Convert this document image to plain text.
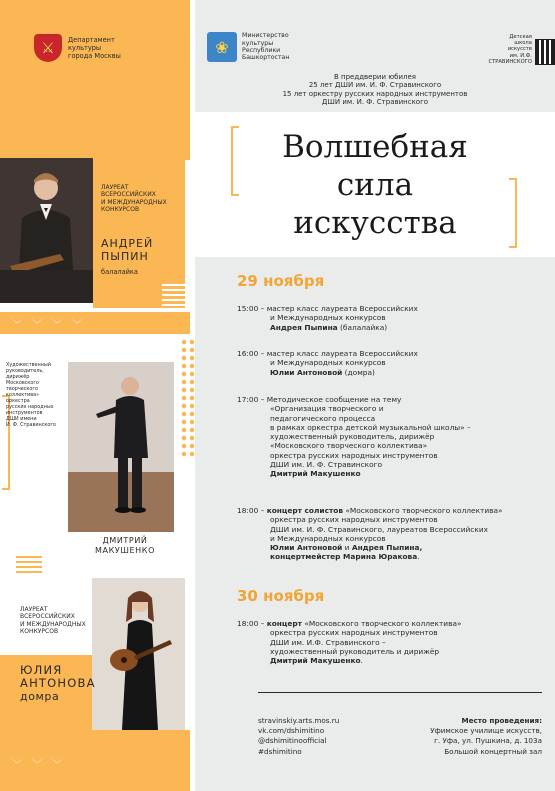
⚔	Департамент
культуры
города Москвы
ЛАУРЕАТ
ВСЕРОССИЙСКИХ
И МЕЖДУНАРОДНЫХ
КОНКУРСОВ
АНДРЕЙ
ПЫПИН
балалайка
﹀ ﹀ ﹀ ﹀
Художественный
руководитель,
дирижёр
Московского
творческого
коллектива»
оркестра
русских народных
инструментов
ДШИ имени
И. Ф. Стравинского
ДМИТРИЙ
МАКУШЕНКО
ЛАУРЕАТ
ВСЕРОССИЙСКИХ
И МЕЖДУНАРОДНЫХ
КОНКУРСОВ
ЮЛИЯ
АНТОНОВА
домра
﹀ ﹀ ﹀
❀
Министерство
культуры
Республики
Башкортостан
Детская
школа
искусств
им. И.Ф. СТРАВИНСКОГО
В преддверии юбилея
25 лет ДШИ им. И. Ф. Стравинского
15 лет оркестру русских народных инструментов
ДШИ им. И. Ф. Стравинского
Волшебная
сила
искусства
29 ноября
15:00 – мастер класс лауреата Всероссийских
и Международных конкурсов
Андрея Пыпина (балалайка)
16:00 – мастер класс лауреата Всероссийских
и Международных конкурсов
Юлии Антоновой (домра)
17:00 – Методическое сообщение на тему
«Организация творческого и
педагогического процесса
в рамках оркестра детской музыкальной школы» –
художественный руководитель, дирижёр
«Московского творческого коллектива»
оркестра русских народных инструментов
ДШИ им. И. Ф. Стравинского
Дмитрий Макушенко
18:00 – концерт солистов «Московского творческого коллектива»
оркестра русских народных инструментов
ДШИ им. И. Ф. Стравинского, лауреатов Всероссийских
и Международных конкурсов
Юлии Антоновой и Андрея Пыпина,
концертмейстер Марина Юракова.
30 ноября
18:00 – концерт «Московского творческого коллектива»
оркестра русских народных инструментов
ДШИ им. И.Ф. Стравинского –
художественный руководитель и дирижёр
Дмитрий Макушенко.
stravinskiy.arts.mos.ru
vk.com/dshimitino
@dshimitinoofficial
#dshimitino
Место проведения:
Уфимское училище искусств,
г. Уфа, ул. Пушкина, д. 103а
Большой концертный зал
